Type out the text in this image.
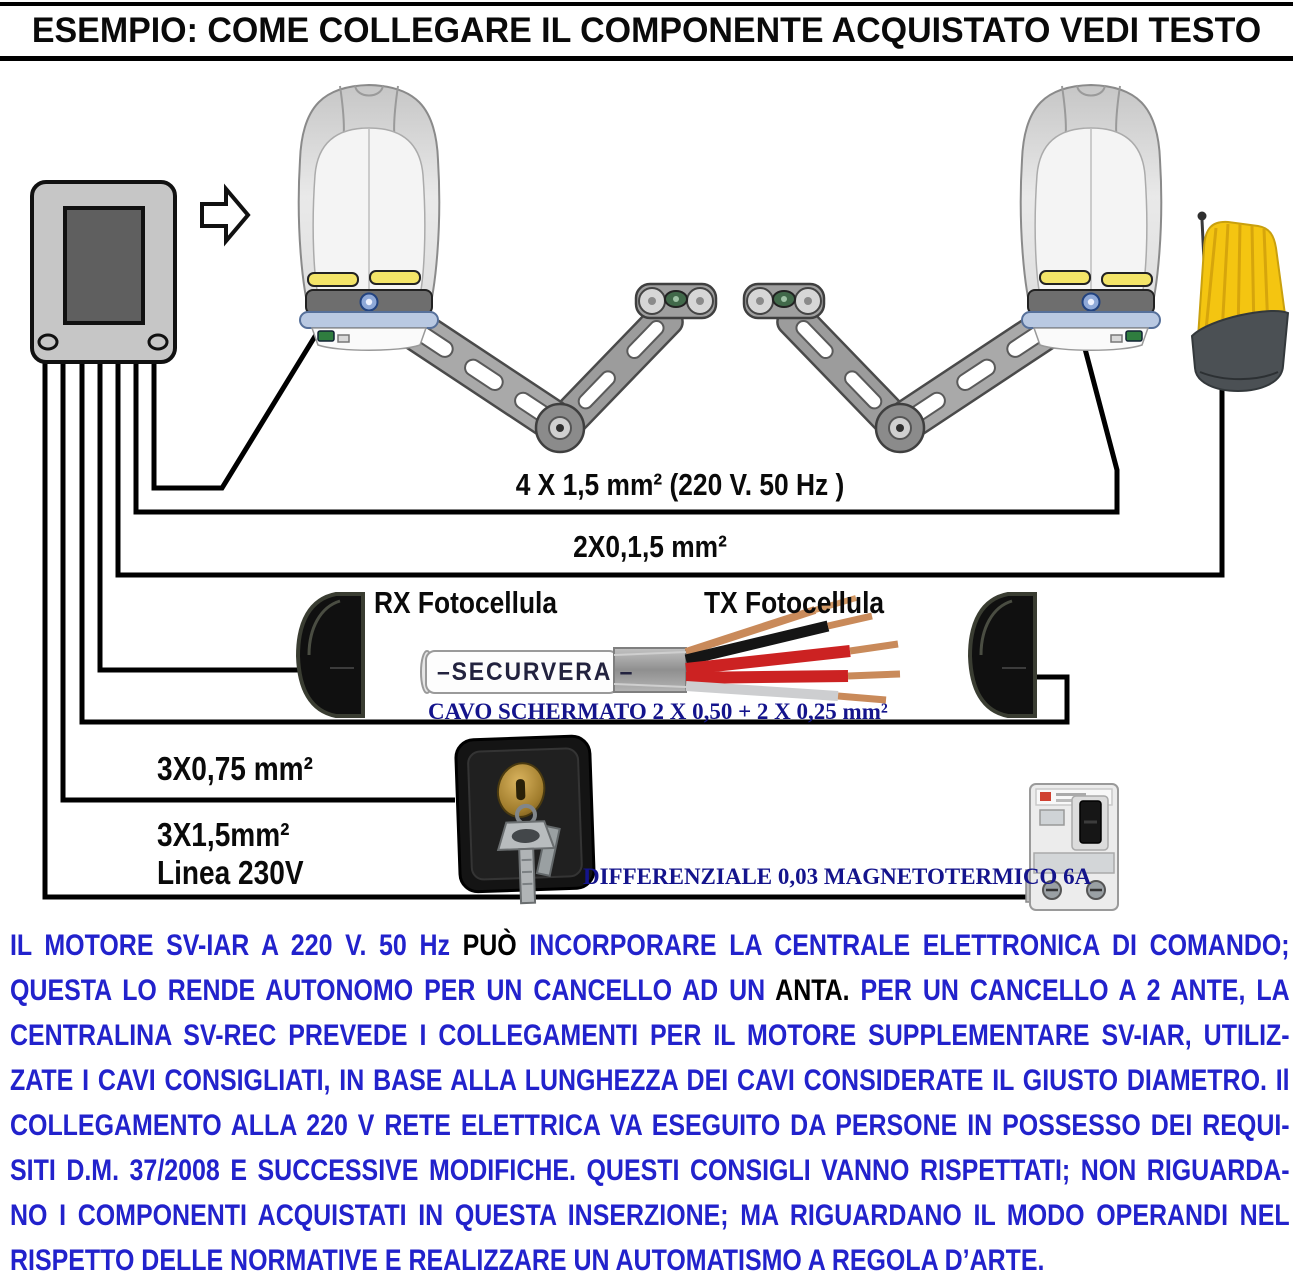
ESEMPIO: COME COLLEGARE IL COMPONENTE ACQUISTATO VEDI TESTO
4 X 1,5 mm² (220 V. 50 Hz )
2X0,1,5 mm²
RX Fotocellula	TX Fotocellula
–SECURVERA –
CAVO SCHERMATO 2 X 0,50 + 2 X 0,25 mm²
3X0,75 mm²
3X1,5mm²
Linea 230V	DIFFERENZIALE 0,03 MAGNETOTERMICO 6A
IL MOTORE SV-IAR A 220 V. 50 Hz PUÒ INCORPORARE LA CENTRALE ELETTRONICA DI COMANDO;
QUESTA LO RENDE AUTONOMO PER UN CANCELLO AD UN ANTA. PER UN CANCELLO A 2 ANTE, LA
CENTRALINA SV-REC PREVEDE I COLLEGAMENTI PER IL MOTORE SUPPLEMENTARE SV-IAR, UTILIZ-
ZATE I CAVI CONSIGLIATI, IN BASE ALLA LUNGHEZZA DEI CAVI CONSIDERATE IL GIUSTO DIAMETRO. Il
COLLEGAMENTO ALLA 220 V RETE ELETTRICA VA ESEGUITO DA PERSONE IN POSSESSO DEI REQUI-
SITI D.M. 37/2008 E SUCCESSIVE MODIFICHE. QUESTI CONSIGLI VANNO RISPETTATI; NON RIGUARDA-
NO I COMPONENTI ACQUISTATI IN QUESTA INSERZIONE; MA RIGUARDANO IL MODO OPERANDI NEL
RISPETTO DELLE NORMATIVE E REALIZZARE UN AUTOMATISMO A REGOLA D’ARTE.
